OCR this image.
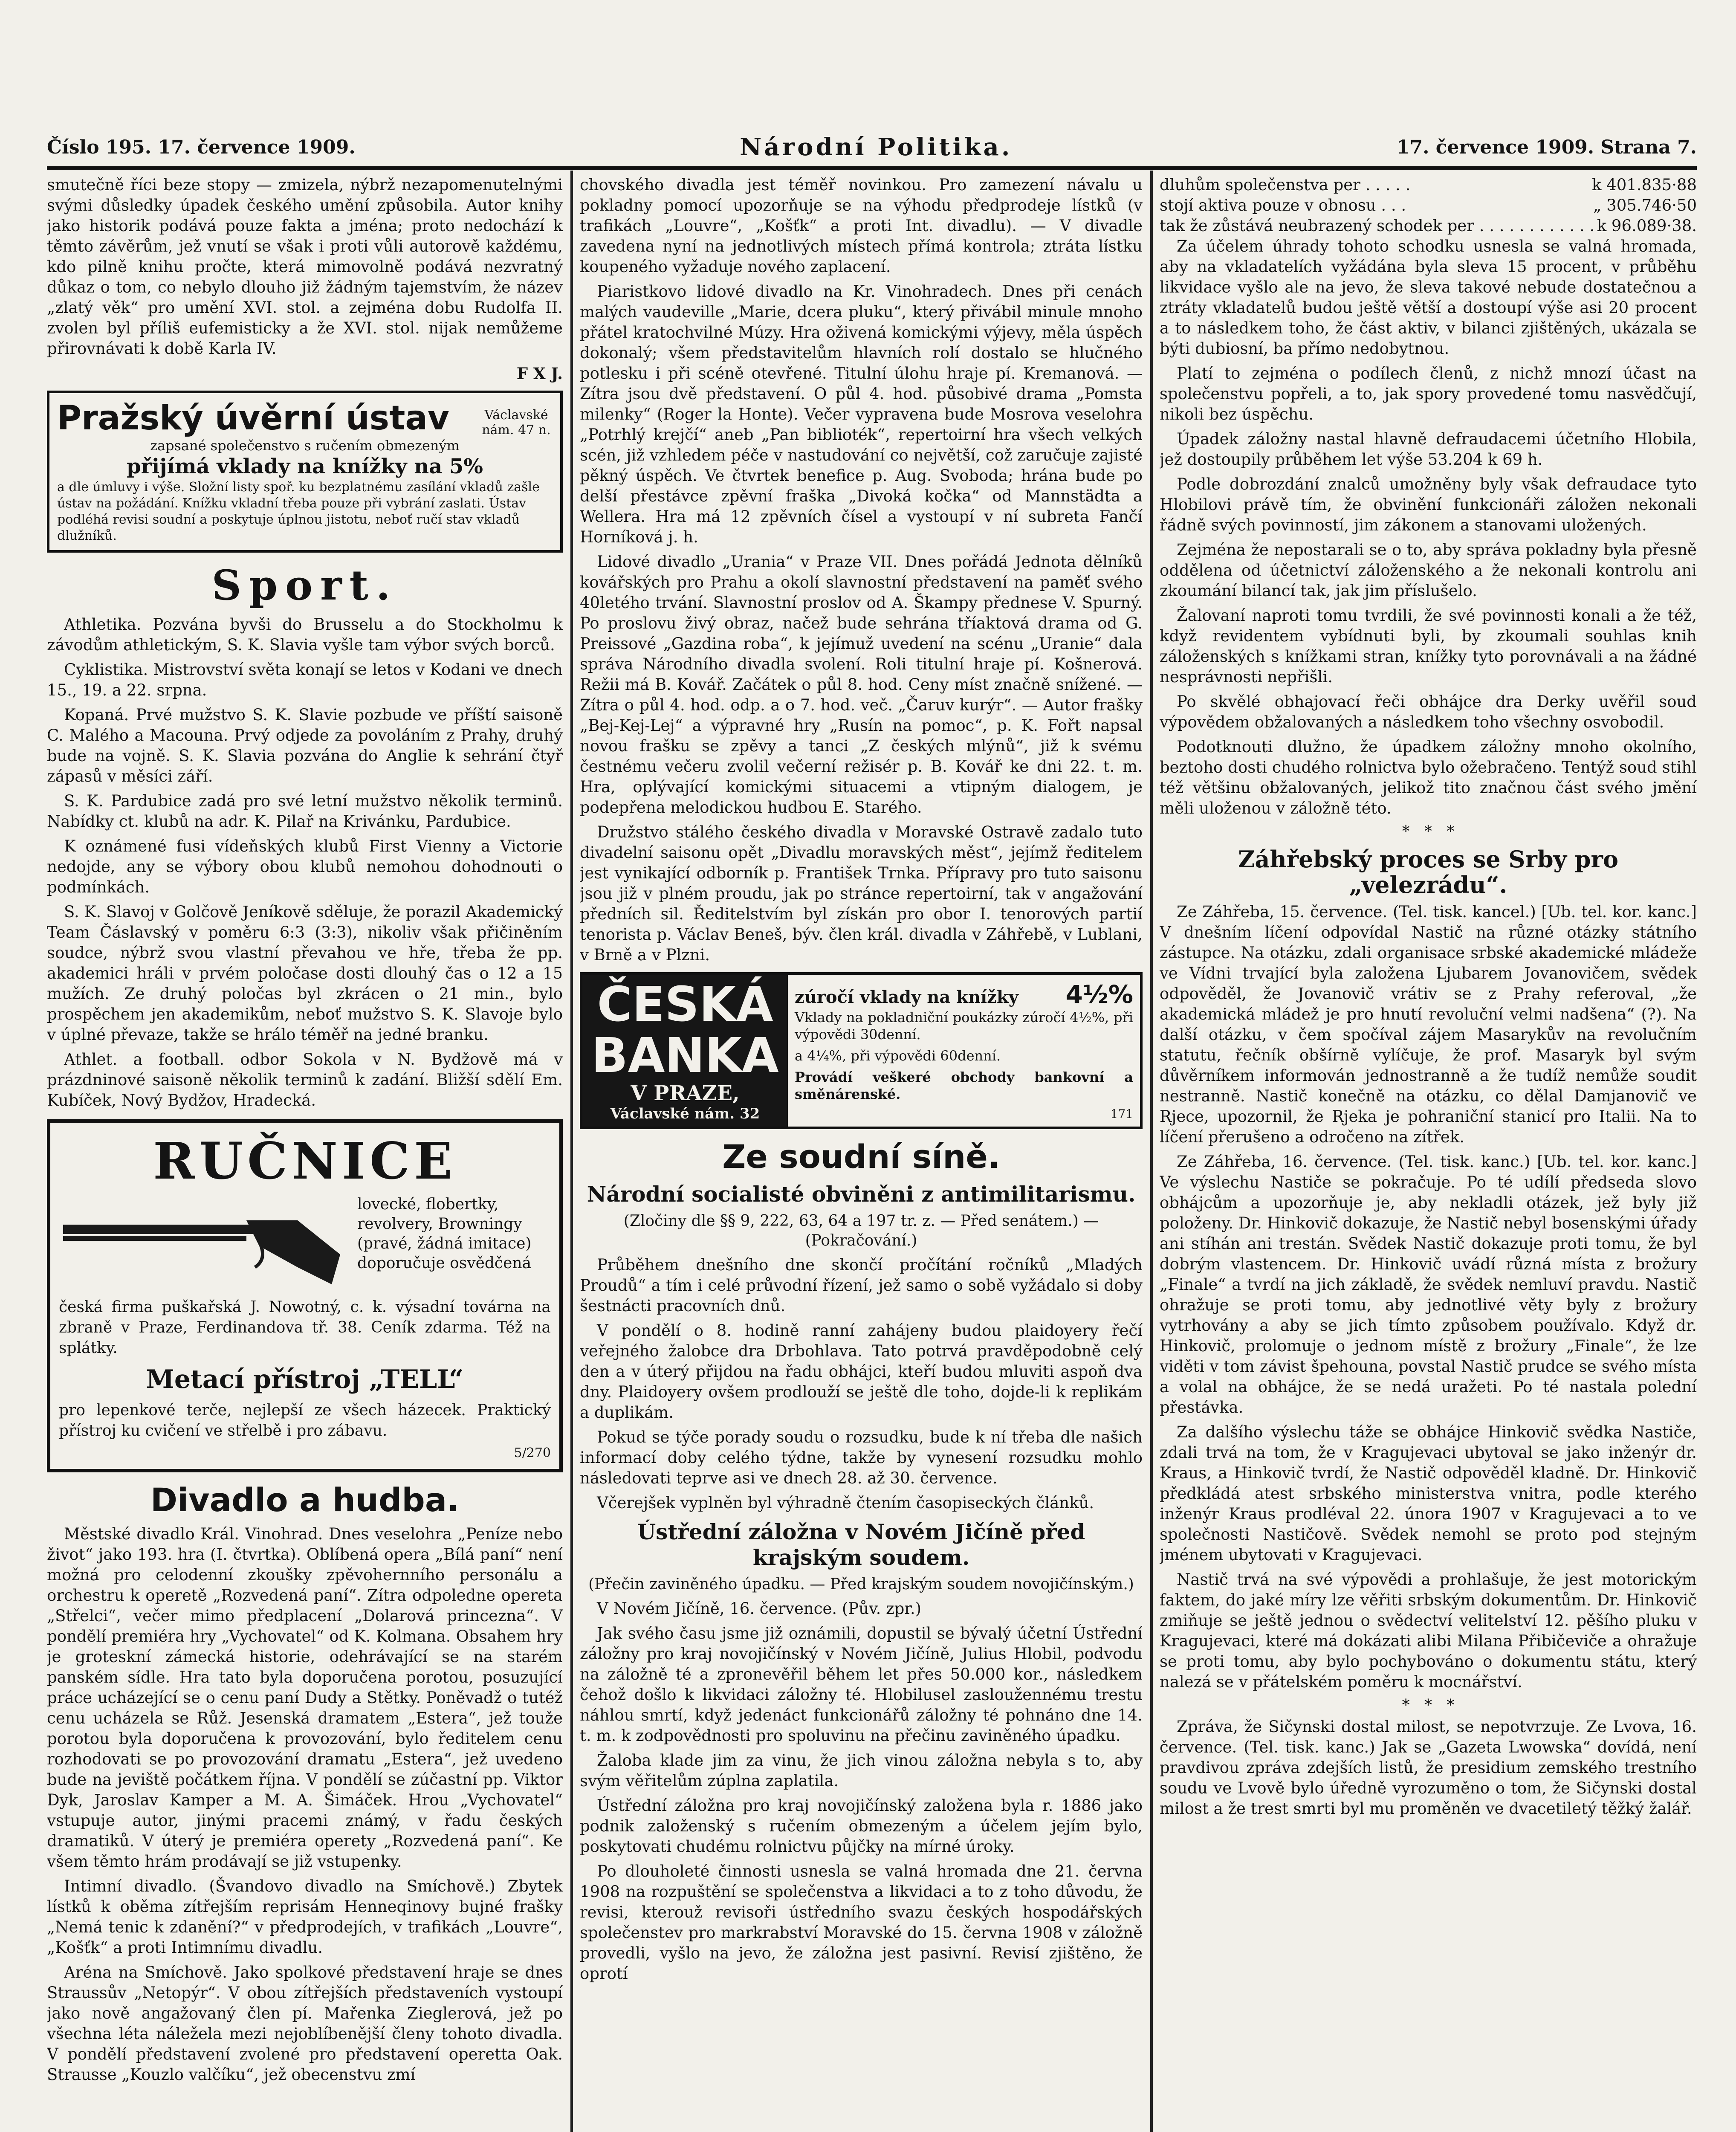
Číslo 195. 17. července 1909.	Národní Politika.	17. července 1909. Strana 7.

smutečně říci beze stopy — zmizela, nýbrž nezapomenutelnými svými důsledky úpadek českého umění způsobila. Autor knihy jako historik podává pouze fakta a jména; proto nedochází k těmto závěrům, jež vnutí se však i proti vůli autorově každému, kdo pilně knihu pročte, která mimovolně podává nezvratný důkaz o tom, co nebylo dlouho již žádným tajemstvím, že název „zlatý věk“ pro umění XVI. stol. a zejména dobu Rudolfa II. zvolen byl příliš eufemisticky a že XVI. stol. nijak nemůžeme přirovnávati k době Karla IV.

F X J.

Pražský úvěrní ústav	Václavské nám. 47 n.
zapsané společenstvo s ručením obmezeným
přijímá vklady na knížky na 5%
a dle úmluvy i výše. Složní listy spoř. ku bezplatnému zasílání vkladů zašle ústav na požádání. Knížku vkladní třeba pouze při vybrání zaslati. Ústav podléhá revisi soudní a poskytuje úplnou jistotu, neboť ručí stav vkladů dlužníků.
Sport.

Athletika. Pozvána byvši do Brusselu a do Stockholmu k závodům athletickým, S. K. Slavia vyšle tam výbor svých borců.

Cyklistika. Mistrovství světa konají se letos v Kodani ve dnech 15., 19. a 22. srpna.

Kopaná. Prvé mužstvo S. K. Slavie pozbude ve příští saisoně C. Malého a Macouna. Prvý odjede za povoláním z Prahy, druhý bude na vojně. S. K. Slavia pozvána do Anglie k sehrání čtyř zápasů v měsíci září.

S. K. Pardubice zadá pro své letní mužstvo několik terminů. Nabídky ct. klubů na adr. K. Pilař na Krivánku, Pardubice.

K oznámené fusi vídeňských klubů First Vienny a Victorie nedojde, any se výbory obou klubů nemohou dohodnouti o podmínkách.

S. K. Slavoj v Golčově Jeníkově sděluje, že porazil Akademický Team Čáslavský v poměru 6:3 (3:3), nikoliv však přičiněním soudce, nýbrž svou vlastní převahou ve hře, třeba že pp. akademici hráli v prvém poločase dosti dlouhý čas o 12 a 15 mužích. Ze druhý poločas byl zkrácen o 21 min., bylo prospěchem jen akademikům, neboť mužstvo S. K. Slavoje bylo v úplné převaze, takže se hrálo téměř na jedné branku.

Athlet. a football. odbor Sokola v N. Bydžově má v prázdninové saisoně několik terminů k zadání. Bližší sdělí Em. Kubíček, Nový Bydžov, Hradecká.

RUČNICE
lovecké, flobertky, revolvery, Browningy (pravé, žádná imitace) doporučuje osvědčená

česká firma puškařská J. Nowotný, c. k. výsadní továrna na zbraně v Praze, Ferdinandova tř. 38. Ceník zdarma. Též na splátky.

Metací přístroj „TELL“

pro lepenkové terče, nejlepší ze všech házecek. Praktický přístroj ku cvičení ve střelbě i pro zábavu.

5/270
Divadlo a hudba.

Městské divadlo Král. Vinohrad. Dnes veselohra „Peníze nebo život“ jako 193. hra (I. čtvrtka). Oblíbená opera „Bílá paní“ není možná pro celodenní zkoušky zpěvohernního personálu a orchestru k operetě „Rozvedená paní“. Zítra odpoledne opereta „Střelci“, večer mimo předplacení „Dolarová princezna“. V pondělí premiéra hry „Vychovatel“ od K. Kolmana. Obsahem hry je groteskní zámecká historie, odehrávající se na starém panském sídle. Hra tato byla doporučena porotou, posuzující práce ucházející se o cenu paní Dudy a Stětky. Poněvadž o tutéž cenu ucházela se Růž. Jesenská dramatem „Estera“, jež touže porotou byla doporučena k provozování, bylo ředitelem cenu rozhodovati se po provozování dramatu „Estera“, jež uvedeno bude na jeviště počátkem října. V pondělí se zúčastní pp. Viktor Dyk, Jaroslav Kamper a M. A. Šimáček. Hrou „Vychovatel“ vstupuje autor, jinými pracemi známý, v řadu českých dramatiků. V úterý je premiéra operety „Rozvedená paní“. Ke všem těmto hrám prodávají se již vstupenky.

Intimní divadlo. (Švandovo divadlo na Smíchově.) Zbytek lístků k oběma zítřejším reprisám Henneqinovy bujné frašky „Nemá tenic k zdanění?“ v předprodejích, v trafikách „Louvre“, „Košťk“ a proti Intimnímu divadlu.

Aréna na Smíchově. Jako spolkové představení hraje se dnes Straussův „Netopýr“. V obou zítřejších představeních vystoupí jako nově angažovaný člen pí. Mařenka Zieglerová, jež po všechna léta náležela mezi nejoblíbenější členy tohoto divadla. V pondělí představení zvolené pro představení operetta Oak. Strausse „Kouzlo valčíku“, jež obecenstvu zmí

chovského divadla jest téměř novinkou. Pro zamezení návalu u pokladny pomocí upozorňuje se na výhodu předprodeje lístků (v trafikách „Louvre“, „Košťk“ a proti Int. divadlu). — V divadle zavedena nyní na jednotlivých místech přímá kontrola; ztráta lístku koupeného vyžaduje nového zaplacení.

Piaristkovo lidové divadlo na Kr. Vinohradech. Dnes při cenách malých vaudeville „Marie, dcera pluku“, který přivábil minule mnoho přátel kratochvilné Múzy. Hra oživená komickými výjevy, měla úspěch dokonalý; všem představitelům hlavních rolí dostalo se hlučného potlesku i při scéně otevřené. Titulní úlohu hraje pí. Kremanová. — Zítra jsou dvě představení. O půl 4. hod. působivé drama „Pomsta milenky“ (Roger la Honte). Večer vypravena bude Mosrova veselohra „Potrhlý krejčí“ aneb „Pan biblioték“, repertoirní hra všech velkých scén, již vzhledem péče v nastudování co největší, což zaručuje zajisté pěkný úspěch. Ve čtvrtek benefice p. Aug. Svoboda; hrána bude po delší přestávce zpěvní fraška „Divoká kočka“ od Mannstädta a Wellera. Hra má 12 zpěvních čísel a vystoupí v ní subreta Fančí Horníková j. h.

Lidové divadlo „Urania“ v Praze VII. Dnes pořádá Jednota dělníků kovářských pro Prahu a okolí slavnostní představení na paměť svého 40letého trvání. Slavnostní proslov od A. Škampy přednese V. Spurný. Po proslovu živý obraz, načež bude sehrána tříaktová drama od G. Preissové „Gazdina roba“, k jejímuž uvedení na scénu „Uranie“ dala správa Národního divadla svolení. Roli titulní hraje pí. Košnerová. Režii má B. Kovář. Začátek o půl 8. hod. Ceny míst značně snížené. — Zítra o půl 4. hod. odp. a o 7. hod. več. „Čaruv kurýr“. — Autor frašky „Bej-Kej-Lej“ a výpravné hry „Rusín na pomoc“, p. K. Fořt napsal novou frašku se zpěvy a tanci „Z českých mlýnů“, již k svému čestnému večeru zvolil večerní režisér p. B. Kovář ke dni 22. t. m. Hra, oplývající komickými situacemi a vtipným dialogem, je podepřena melodickou hudbou E. Starého.

Družstvo stálého českého divadla v Moravské Ostravě zadalo tuto divadelní saisonu opět „Divadlu moravských měst“, jejímž ředitelem jest vynikající odborník p. František Trnka. Přípravy pro tuto saisonu jsou již v plném proudu, jak po stránce repertoirní, tak v angažování předních sil. Ředitelstvím byl získán pro obor I. tenorových partií tenorista p. Václav Beneš, býv. člen král. divadla v Záhřebě, v Lublani, v Brně a v Plzni.

ČESKÁ
BANKA
V PRAZE,
Václavské nám. 32
zúročí vklady na knížky 4½%

Vklady na pokladniční poukázky zúročí 4½%, při výpovědi 30denní.

a 4¼%, při výpovědi 60denní.

Provádí veškeré obchody bankovní a směnárenské.

171
Ze soudní síně.
Národní socialisté obviněni z antimilitarismu.
(Zločiny dle §§ 9, 222, 63, 64 a 197 tr. z. — Před senátem.) — (Pokračování.)

Průběhem dnešního dne skončí pročítání ročníků „Mladých Proudů“ a tím i celé průvodní řízení, jež samo o sobě vyžádalo si doby šestnácti pracovních dnů.

V pondělí o 8. hodině ranní zahájeny budou plaidoyery řečí veřejného žalobce dra Drbohlava. Tato potrvá pravděpodobně celý den a v úterý přijdou na řadu obhájci, kteří budou mluviti aspoň dva dny. Plaidoyery ovšem prodlouží se ještě dle toho, dojde-li k replikám a duplikám.

Pokud se týče porady soudu o rozsudku, bude k ní třeba dle našich informací doby celého týdne, takže by vynesení rozsudku mohlo následovati teprve asi ve dnech 28. až 30. července.

Včerejšek vyplněn byl výhradně čtením časopiseckých článků.

Ústřední záložna v Novém Jičíně před krajským soudem.
(Přečin zaviněného úpadku. — Před krajským soudem novojičínským.)

V Novém Jičíně, 16. července. (Pův. zpr.)

Jak svého času jsme již oznámili, dopustil se bývalý účetní Ústřední záložny pro kraj novojičínský v Novém Jičíně, Julius Hlobil, podvodu na záložně té a zpronevěřil během let přes 50.000 kor., následkem čehož došlo k likvidaci záložny té. Hlobilusel zasloužennému trestu náhlou smrtí, když jedenáct funkcionářů záložny té pohnáno dne 14. t. m. k zodpovědnosti pro spoluvinu na přečinu zaviněného úpadku.

Žaloba klade jim za vinu, že jich vinou záložna nebyla s to, aby svým věřitelům zúplna zaplatila.

Ústřední záložna pro kraj novojičínský založena byla r. 1886 jako podnik založenský s ručením obmezeným a účelem jejím bylo, poskytovati chudému rolnictvu půjčky na mírné úroky.

Po dlouholeté činnosti usnesla se valná hromada dne 21. června 1908 na rozpuštění se společenstva a likvidaci a to z toho důvodu, že revisi, kterouž revisoři ústředního svazu českých hospodářských společenstev pro markrabství Moravské do 15. června 1908 v záložně provedli, vyšlo na jevo, že záložna jest pasivní. Revisí zjištěno, že oprotí

dluhům společenstva per . . . . .	k 401.835·88
stojí aktiva pouze v obnosu . . .	„ 305.746·50
tak že zůstává neubrazený schodek per . . . . . . . . . . . . k 96.089·38.

Za účelem úhrady tohoto schodku usnesla se valná hromada, aby na vkladatelích vyžádána byla sleva 15 procent, v průběhu likvidace vyšlo ale na jevo, že sleva takové nebude dostatečnou a ztráty vkladatelů budou ještě větší a dostoupí výše asi 20 procent a to následkem toho, že část aktiv, v bilanci zjištěných, ukázala se býti dubiosní, ba přímo nedobytnou.

Platí to zejména o podílech členů, z nichž mnozí účast na společenstvu popřeli, a to, jak spory provedené tomu nasvědčují, nikoli bez úspěchu.

Úpadek záložny nastal hlavně defraudacemi účetního Hlobila, jež dostoupily průběhem let výše 53.204 k 69 h.

Podle dobrozdání znalců umožněny byly však defraudace tyto Hlobilovi právě tím, že obvinění funkcionáři záložen nekonali řádně svých povinností, jim zákonem a stanovami uložených.

Zejména že nepostarali se o to, aby správa pokladny byla přesně oddělena od účetnictví záloženského a že nekonali kontrolu ani zkoumání bilancí tak, jak jim příslušelo.

Žalovaní naproti tomu tvrdili, že své povinnosti konali a že též, když revidentem vybídnuti byli, by zkoumali souhlas knih záloženských s knížkami stran, knížky tyto porovnávali a na žádné nesprávnosti nepřišli.

Po skvělé obhajovací řeči obhájce dra Derky uvěřil soud výpovědem obžalovaných a následkem toho všechny osvobodil.

Podotknouti dlužno, že úpadkem záložny mnoho okolního, beztoho dosti chudého rolnictva bylo ožebračeno. Tentýž soud stihl též většinu obžalovaných, jelikož tito značnou část svého jmění měli uloženou v záložně této.

*   *   *
Záhřebský proces se Srby pro „velezrádu“.

Ze Záhřeba, 15. července. (Tel. tisk. kancel.) [Ub. tel. kor. kanc.] V dnešním líčení odpovídal Nastič na různé otázky státního zástupce. Na otázku, zdali organisace srbské akademické mládeže ve Vídni trvající byla založena Ljubarem Jovanovičem, svědek odpověděl, že Jovanovič vrátiv se z Prahy referoval, „že akademická mládež je pro hnutí revoluční velmi nadšena“ (?). Na další otázku, v čem spočíval zájem Masarykův na revolučním statutu, řečník obšírně vylíčuje, že prof. Masaryk byl svým důvěrníkem informován jednostranně a že tudíž nemůže soudit nestranně. Nastič konečně na otázku, co dělal Damjanovič ve Rjece, upozornil, že Rjeka je pohraniční stanicí pro Italii. Na to líčení přerušeno a odročeno na zítřek.

Ze Záhřeba, 16. července. (Tel. tisk. kanc.) [Ub. tel. kor. kanc.] Ve výslechu Nastiče se pokračuje. Po té udílí předseda slovo obhájcům a upozorňuje je, aby nekladli otázek, jež byly již položeny. Dr. Hinkovič dokazuje, že Nastič nebyl bosenskými úřady ani stíhán ani trestán. Svědek Nastič dokazuje proti tomu, že byl dobrým vlastencem. Dr. Hinkovič uvádí různá místa z brožury „Finale“ a tvrdí na jich základě, že svědek nemluví pravdu. Nastič ohražuje se proti tomu, aby jednotlivé věty byly z brožury vytrhovány a aby se jich tímto způsobem používalo. Když dr. Hinkovič, prolomuje o jednom místě z brožury „Finale“, že lze viděti v tom závist špehouna, povstal Nastič prudce se svého místa a volal na obhájce, že se nedá uražeti. Po té nastala polední přestávka.

Za dalšího výslechu táže se obhájce Hinkovič svědka Nastiče, zdali trvá na tom, že v Kragujevaci ubytoval se jako inženýr dr. Kraus, a Hinkovič tvrdí, že Nastič odpověděl kladně. Dr. Hinkovič předkládá atest srbského ministerstva vnitra, podle kterého inženýr Kraus prodléval 22. února 1907 v Kragujevaci a to ve společnosti Nastičově. Svědek nemohl se proto pod stejným jménem ubytovati v Kragujevaci.

Nastič trvá na své výpovědi a prohlašuje, že jest motorickým faktem, do jaké míry lze věřiti srbským dokumentům. Dr. Hinkovič zmiňuje se ještě jednou o svědectví velitelství 12. pěšího pluku v Kragujevaci, které má dokázati alibi Milana Přibičeviče a ohražuje se proti tomu, aby bylo pochybováno o dokumentu státu, který nalezá se v přátelském poměru k mocnářství.

*   *   *

Zpráva, že Sičynski dostal milost, se nepotvrzuje. Ze Lvova, 16. července. (Tel. tisk. kanc.) Jak se „Gazeta Lwowska“ dovídá, není pravdivou zpráva zdejších listů, že presidium zemského trestního soudu ve Lvově bylo úředně vyrozuměno o tom, že Sičynski dostal milost a že trest smrti byl mu proměněn ve dvacetiletý těžký žalář.
